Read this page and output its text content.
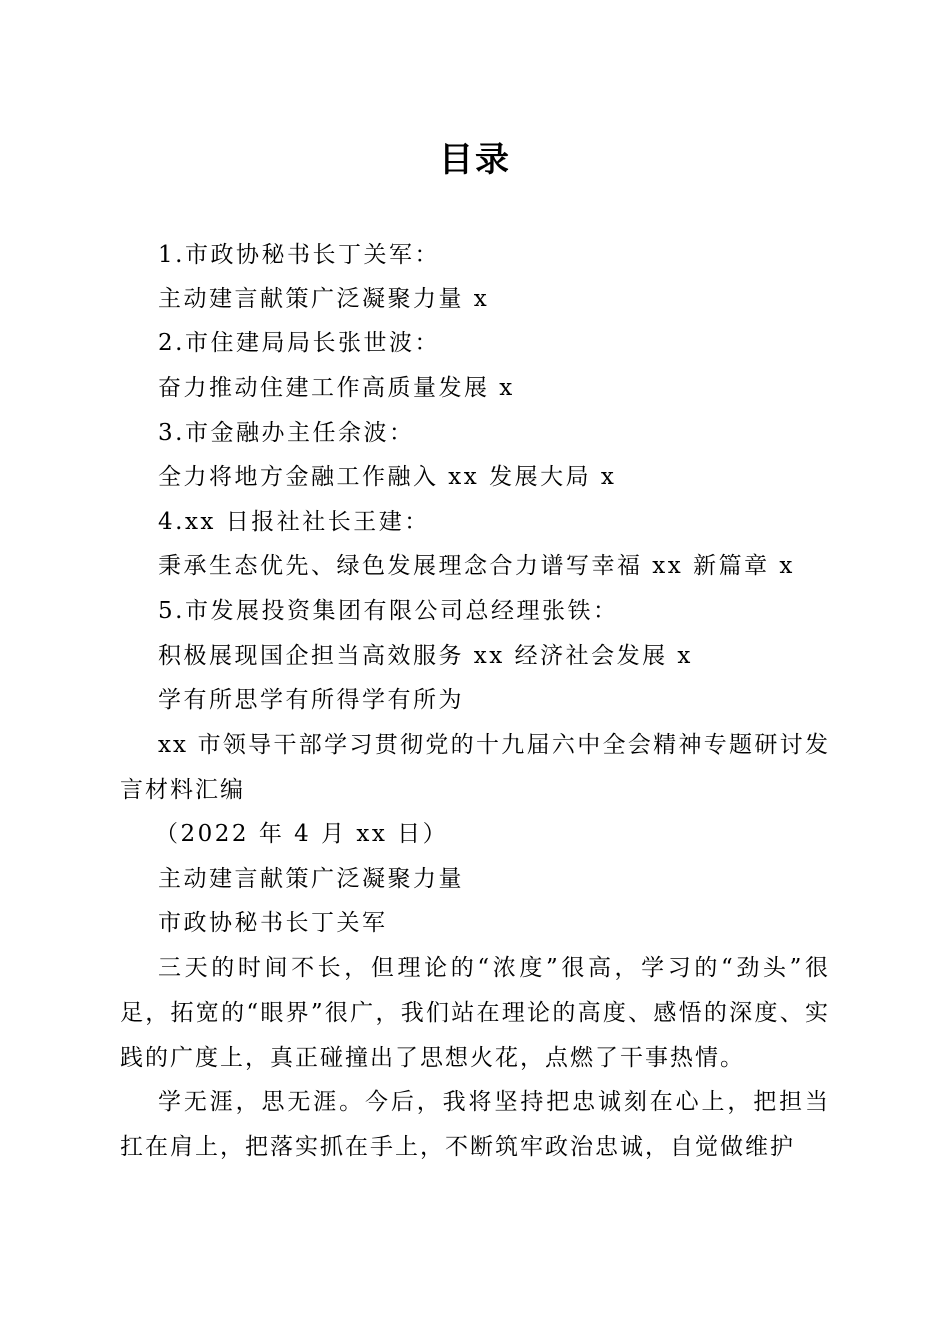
目录
1.市政协秘书长丁关军：
主动建言献策广泛凝聚力量 x
2.市住建局局长张世波：
奋力推动住建工作高质量发展 x
3.市金融办主任余波：
全力将地方金融工作融入 xx 发展大局 x
4.xx 日报社社长王建：
秉承生态优先、绿色发展理念合力谱写幸福 xx 新篇章 x
5.市发展投资集团有限公司总经理张铁：
积极展现国企担当高效服务 xx 经济社会发展 x
学有所思学有所得学有所为
xx 市领导干部学习贯彻党的十九届六中全会精神专题研讨发言材料汇编
（2022 年 4 月 xx 日）
主动建言献策广泛凝聚力量
市政协秘书长丁关军
三天的时间不长，但理论的“浓度”很高，学习的“劲头”很足，拓宽的“眼界”很广，我们站在理论的高度、感悟的深度、实践的广度上，真正碰撞出了思想火花，点燃了干事热情。
学无涯，思无涯。今后，我将坚持把忠诚刻在心上，把担当扛在肩上，把落实抓在手上，不断筑牢政治忠诚，自觉做维护
